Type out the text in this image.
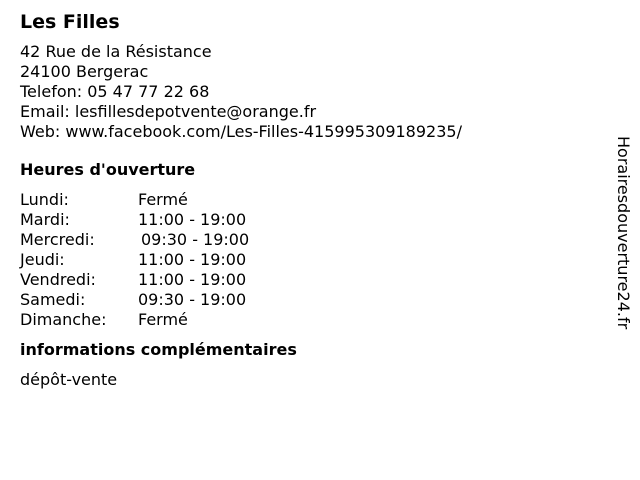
Les Filles
42 Rue de la Résistance
24100 Bergerac
Telefon: 05 47 77 22 68
Email: lesfillesdepotvente@orange.fr
Web: www.facebook.com/Les-Filles-415995309189235/
Heures d'ouverture
Lundi:	Fermé
Mardi:	11:00 - 19:00
Mercredi:	09:30 - 19:00
Jeudi:	11:00 - 19:00
Vendredi:	11:00 - 19:00
Samedi:	09:30 - 19:00
Dimanche:	Fermé
informations complémentaires
dépôt-vente
Horairesdouverture24.fr
